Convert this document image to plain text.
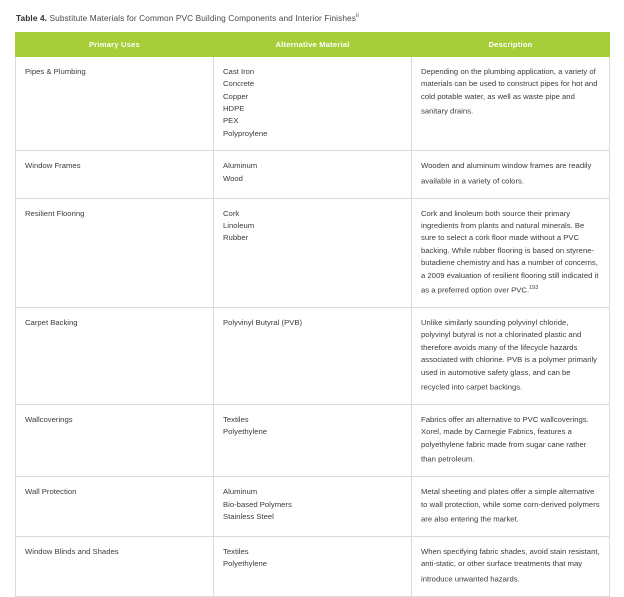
Table 4. Substitute Materials for Common PVC Building Components and Interior Finishes$^{ii}$

Primary Uses	Alternative Material	Description
Pipes & Plumbing	Cast Iron
Concrete
Copper
HDPE
PEX
Polyproylene
	Depending on the plumbing application, a variety of materials can be used to construct pipes for hot and cold potable water, as well as waste pipe and sanitary drains.
Window Frames	Aluminum
Wood	Wooden and aluminum window frames are readily available in a variety of colors.
Resilient Flooring	Cork
Linoleum
Rubber
	Cork and linoleum both source their primary ingredients from plants and natural minerals. Be sure to select a cork floor made without a PVC backing. While rubber flooring is based on styrene-butadiene chemistry and has a number of concerns, a 2009 evaluation of resilient flooring still indicated it as a preferred option over PVC.$^{193}$
Carpet Backing	Polyvinyl Butyral (PVB)	Unlike similarly sounding polyvinyl chloride, polyvinyl butyral is not a chlorinated plastic and therefore avoids many of the lifecycle hazards associated with chlorine. PVB is a polymer primarily used in automotive safety glass, and can be recycled into carpet backings.
Wallcoverings	Textiles
Polyethylene	Fabrics offer an alternative to PVC wallcoverings. Xorel, made by Carnegie Fabrics, features a polyethylene fabric made from sugar cane rather than petroleum.
Wall Protection	Aluminum
Bio-based Polymers
Stainless Steel	Metal sheeting and plates offer a simple alternative to wall protection, while some corn-derived polymers are also entering the market.
Window Blinds and Shades	Textiles
Polyethylene	When specifying fabric shades, avoid stain resistant, anti-static, or other surface treatments that may introduce unwanted hazards.
